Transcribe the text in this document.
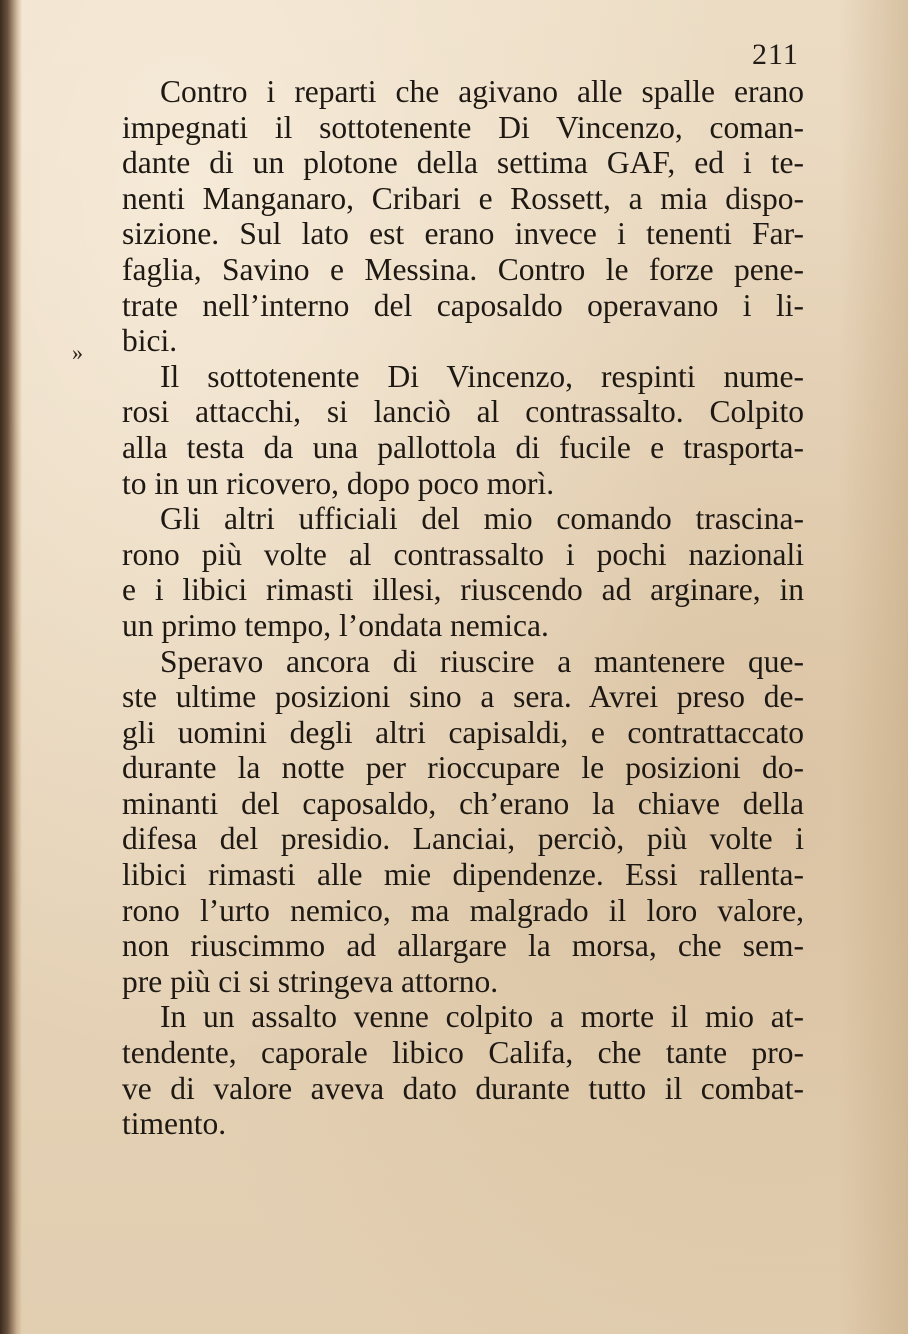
211
»
Contro i reparti che agivano alle spalle erano
impegnati il sottotenente Di Vincenzo, coman-
dante di un plotone della settima GAF, ed i te-
nenti Manganaro, Cribari e Rossett, a mia dispo-
sizione. Sul lato est erano invece i tenenti Far-
faglia, Savino e Messina. Contro le forze pene-
trate nell’interno del caposaldo operavano i li-
bici.
Il sottotenente Di Vincenzo, respinti nume-
rosi attacchi, si lanciò al contrassalto. Colpito
alla testa da una pallottola di fucile e trasporta-
to in un ricovero, dopo poco morì.
Gli altri ufficiali del mio comando trascina-
rono più volte al contrassalto i pochi nazionali
e i libici rimasti illesi, riuscendo ad arginare, in
un primo tempo, l’ondata nemica.
Speravo ancora di riuscire a mantenere que-
ste ultime posizioni sino a sera. Avrei preso de-
gli uomini degli altri capisaldi, e contrattaccato
durante la notte per rioccupare le posizioni do-
minanti del caposaldo, ch’erano la chiave della
difesa del presidio. Lanciai, perciò, più volte i
libici rimasti alle mie dipendenze. Essi rallenta-
rono l’urto nemico, ma malgrado il loro valore,
non riuscimmo ad allargare la morsa, che sem-
pre più ci si stringeva attorno.
In un assalto venne colpito a morte il mio at-
tendente, caporale libico Califa, che tante pro-
ve di valore aveva dato durante tutto il combat-
timento.
